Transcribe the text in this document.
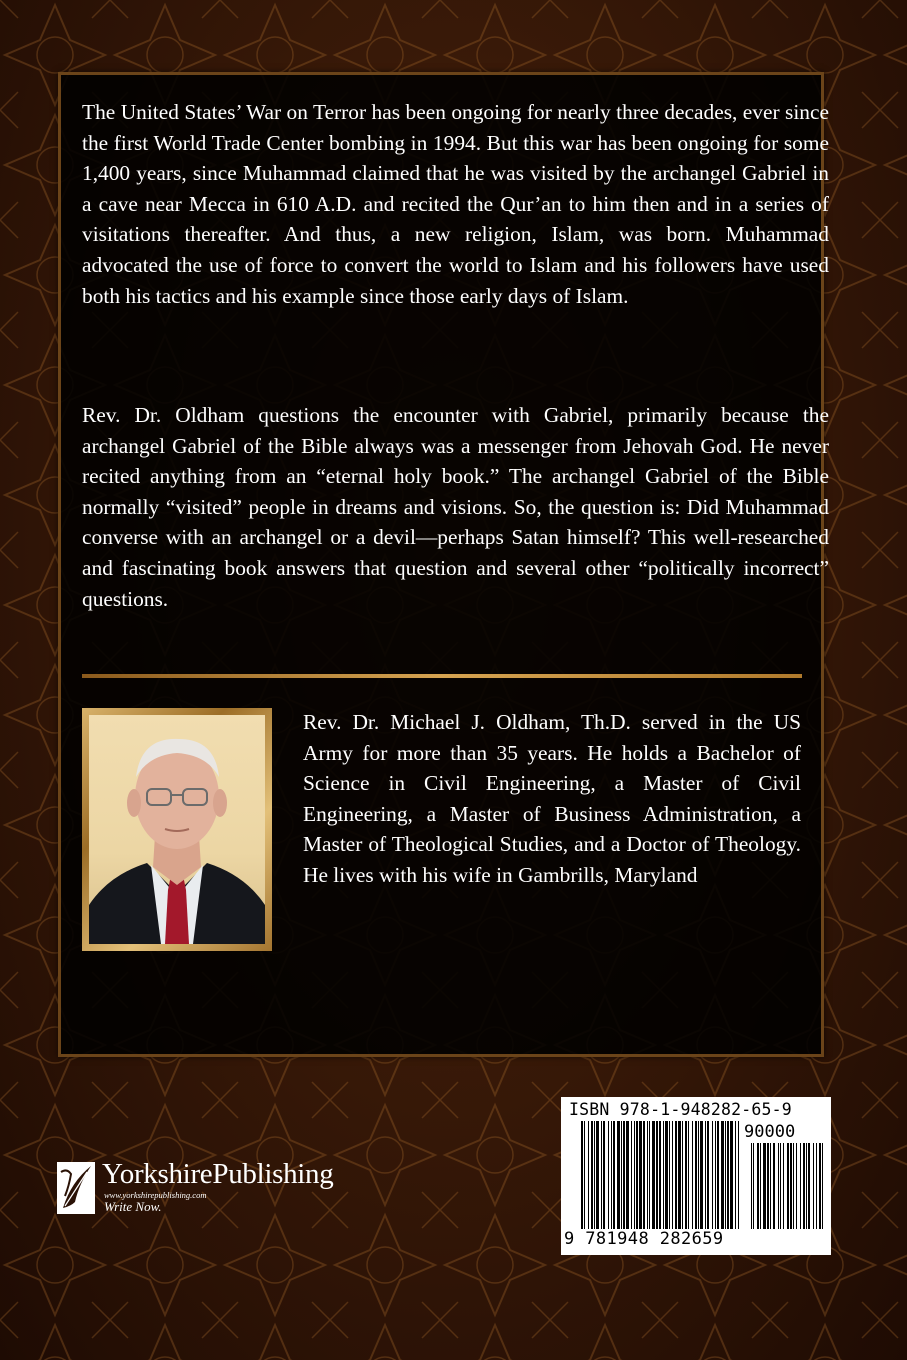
The United States’ War on Terror has been ongoing for nearly three decades, ever since the first World Trade Center bombing in 1994. But this war has been ongoing for some 1,400 years, since Muhammad claimed that he was visited by the archangel Gabriel in a cave near Mecca in 610 A.D. and recited the Qur’an to him then and in a series of visitations thereafter. And thus, a new religion, Islam, was born. Muhammad advocated the use of force to convert the world to Islam and his followers have used both his tactics and his example since those early days of Islam.

Rev. Dr. Oldham questions the encounter with Gabriel, primarily because the archangel Gabriel of the Bible always was a messenger from Jehovah God. He never recited anything from an “eternal holy book.” The archangel Gabriel of the Bible normally “visited” people in dreams and visions. So, the question is: Did Muhammad converse with an archangel or a devil—perhaps Satan himself? This well-researched and fascinating book answers that question and several other “politically incorrect” questions.

Rev. Dr. Michael J. Oldham, Th.D. served in the US Army for more than 35 years. He holds a Bachelor of Science in Civil Engineering, a Master of Civil Engineering, a Master of Business Administration, a Master of Theological Studies, and a Doctor of Theology. He lives with his wife in Gambrills, Maryland

YorkshirePublishing
www.yorkshirepublishing.com
Write Now.
ISBN 978-1-948282-65-9
90000
9 781948 282659
